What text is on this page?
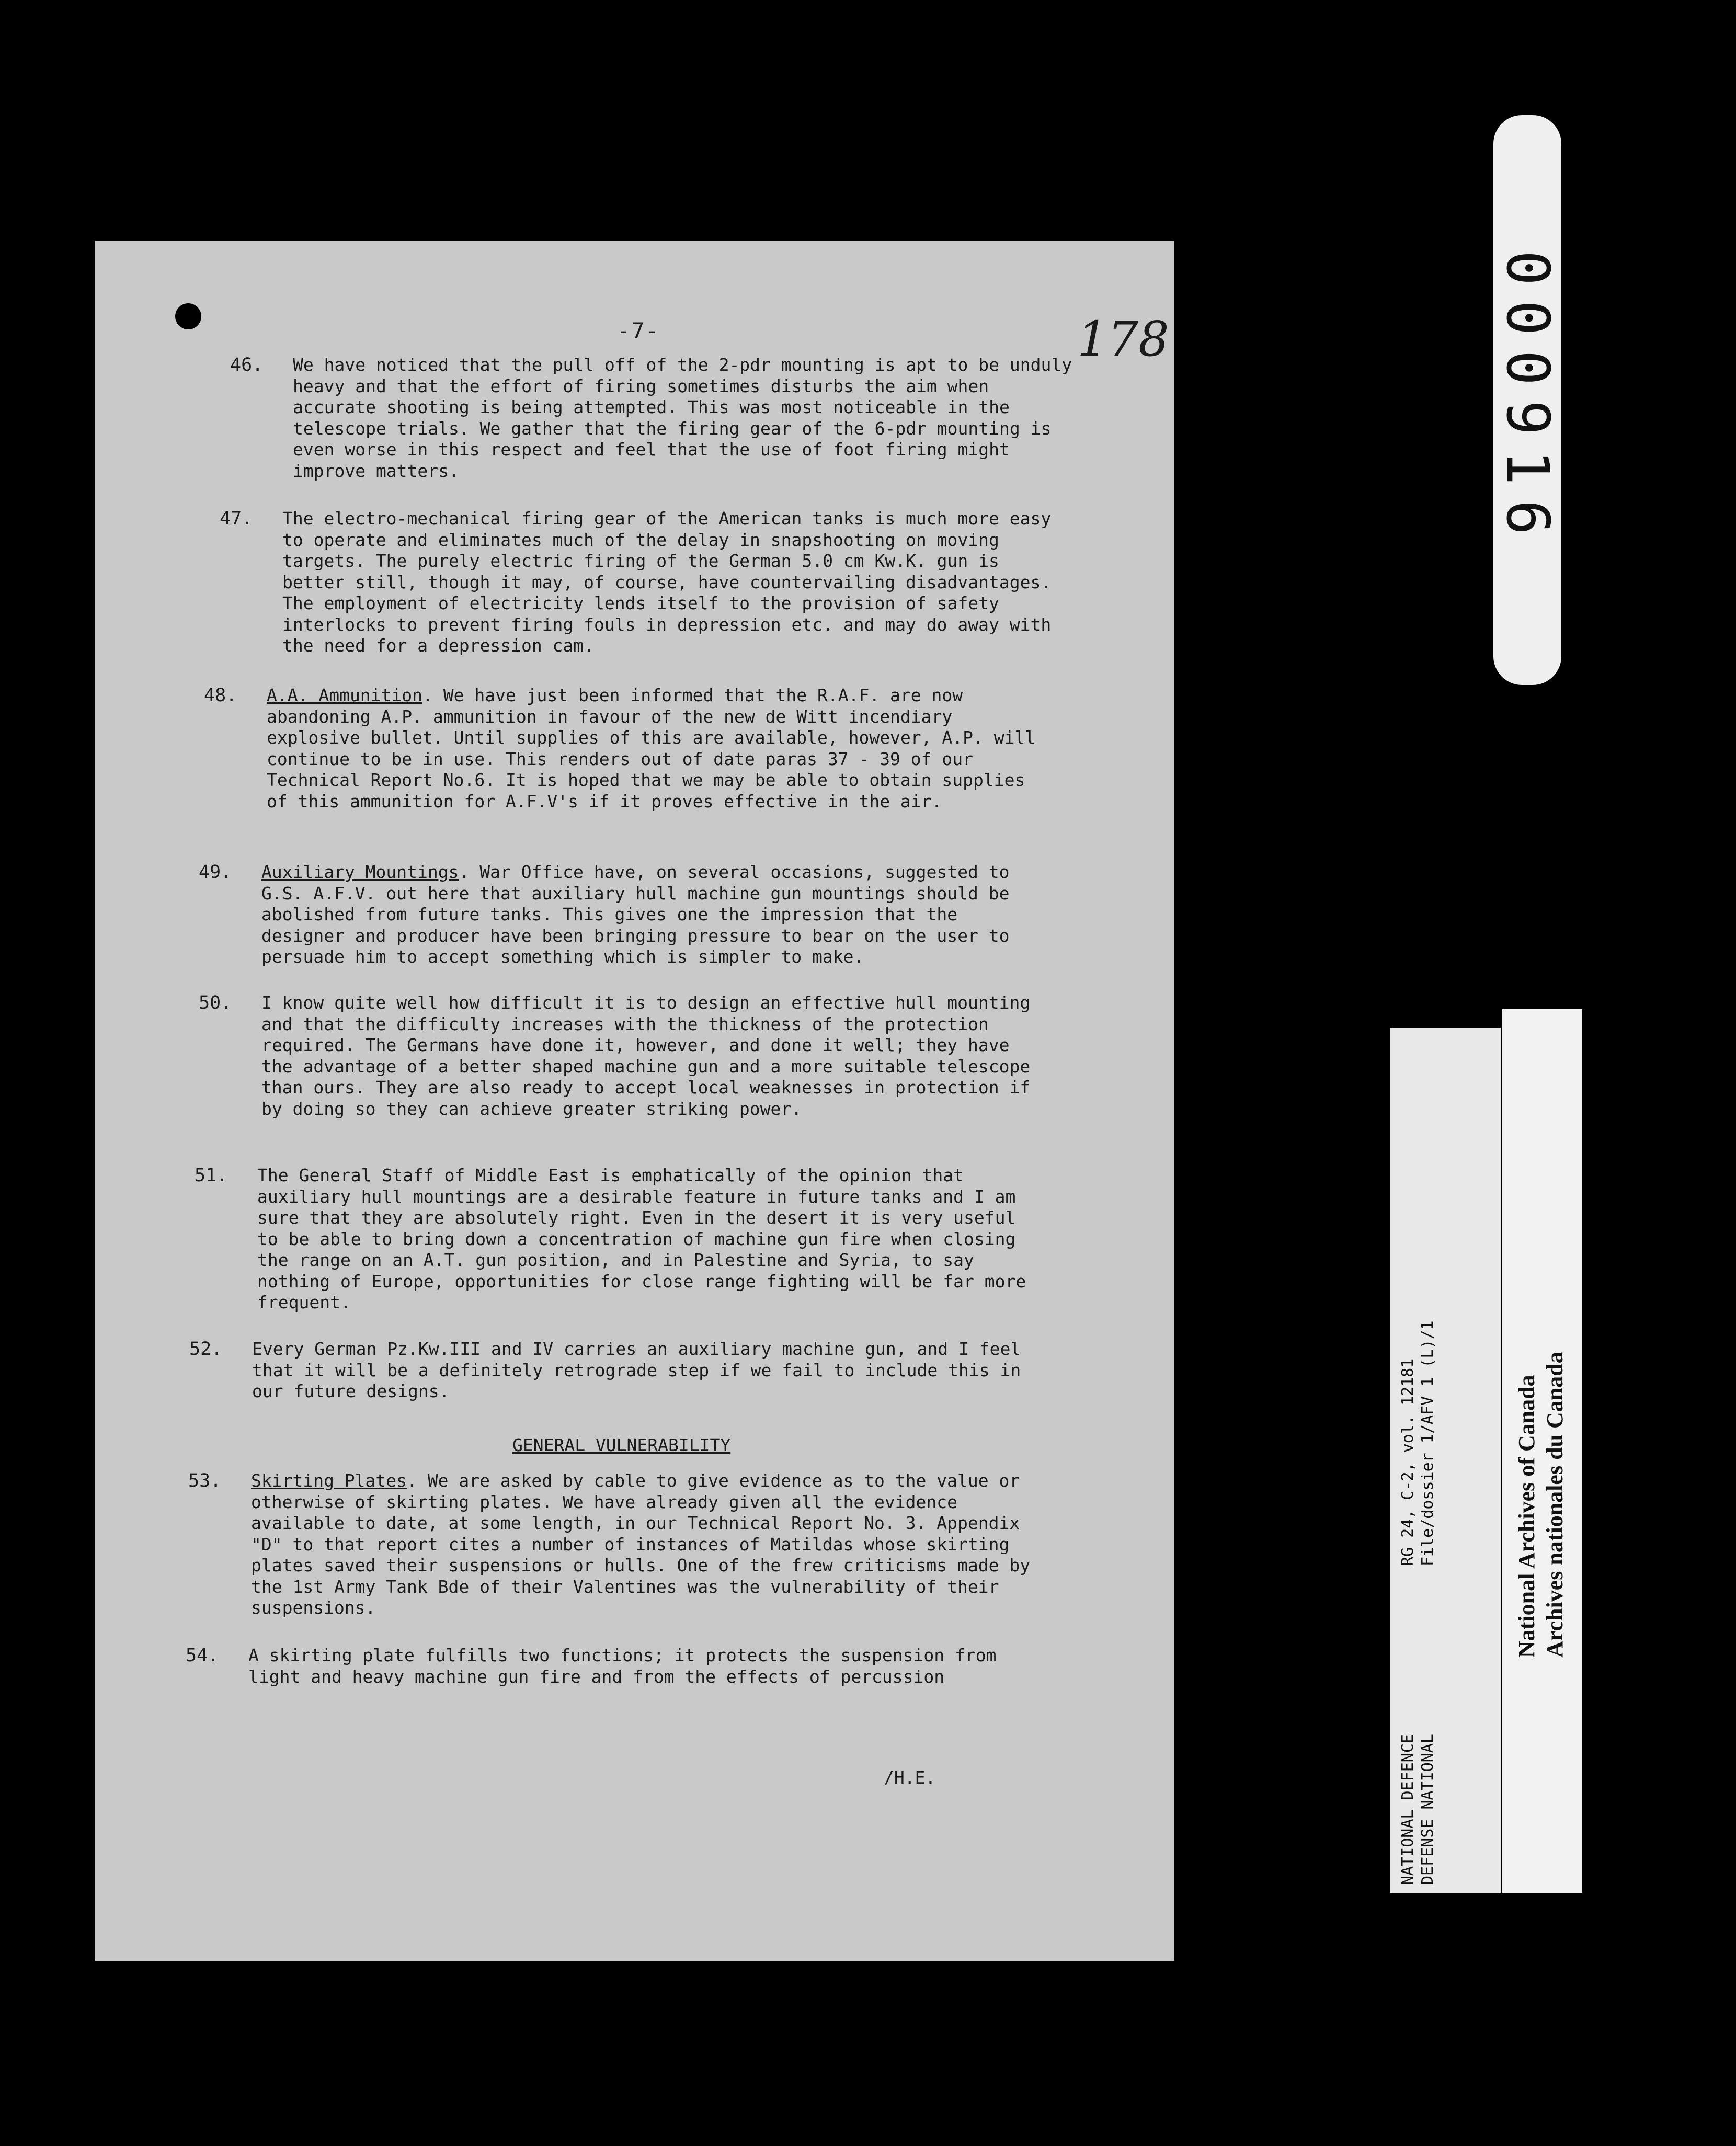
-7-	178
46. We have noticed that the pull off of the 2-pdr mounting is apt to be unduly heavy and that the effort of firing sometimes disturbs the aim when accurate shooting is being attempted. This was most noticeable in the telescope trials. We gather that the firing gear of the 6-pdr mounting is even worse in this respect and feel that the use of foot firing might improve matters.
47. The electro-mechanical firing gear of the American tanks is much more easy to operate and eliminates much of the delay in snapshooting on moving targets. The purely electric firing of the German 5.0 cm Kw.K. gun is better still, though it may, of course, have countervailing disadvantages. The employment of electricity lends itself to the provision of safety interlocks to prevent firing fouls in depression etc. and may do away with the need for a depression cam.
48. A.A. Ammunition. We have just been informed that the R.A.F. are now abandoning A.P. ammunition in favour of the new de Witt incendiary explosive bullet. Until supplies of this are available, however, A.P. will continue to be in use. This renders out of date paras 37 - 39 of our Technical Report No.6. It is hoped that we may be able to obtain supplies of this ammunition for A.F.V's if it proves effective in the air.
49. Auxiliary Mountings. War Office have, on several occasions, suggested to G.S. A.F.V. out here that auxiliary hull machine gun mountings should be abolished from future tanks. This gives one the impression that the designer and producer have been bringing pressure to bear on the user to persuade him to accept something which is simpler to make.
50. I know quite well how difficult it is to design an effective hull mounting and that the difficulty increases with the thickness of the protection required. The Germans have done it, however, and done it well; they have the advantage of a better shaped machine gun and a more suitable telescope than ours. They are also ready to accept local weaknesses in protection if by doing so they can achieve greater striking power.
51. The General Staff of Middle East is emphatically of the opinion that auxiliary hull mountings are a desirable feature in future tanks and I am sure that they are absolutely right. Even in the desert it is very useful to be able to bring down a concentration of machine gun fire when closing the range on an A.T. gun position, and in Palestine and Syria, to say nothing of Europe, opportunities for close range fighting will be far more frequent.
52. Every German Pz.Kw.III and IV carries an auxiliary machine gun, and I feel that it will be a definitely retrograde step if we fail to include this in our future designs.
GENERAL VULNERABILITY
53. Skirting Plates. We are asked by cable to give evidence as to the value or otherwise of skirting plates. We have already given all the evidence available to date, at some length, in our Technical Report No. 3. Appendix "D" to that report cites a number of instances of Matildas whose skirting plates saved their suspensions or hulls. One of the frew criticisms made by the 1st Army Tank Bde of their Valentines was the vulnerability of their suspensions.
54. A skirting plate fulfills two functions; it protects the suspension from light and heavy machine gun fire and from the effects of percussion
/H.E.
000916
RG 24, C-2, vol. 12181 File/dossier 1/AFV 1 (L)/1
NATIONAL DEFENCE DEFENSE NATIONAL
National Archives of Canada Archives nationales du Canada
